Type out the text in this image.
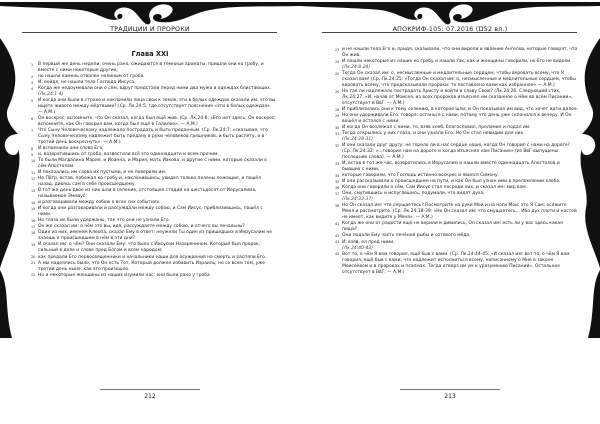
ТРАДИЦИИ И ПРОРОКИ
Глава XXI

1 В первый же день недели, очень рано, ожидаются в темнице ароматы, пришли они ко гробу, и вместе с ними некоторые другие;

2 но нашли камень отвален нелиным от гроба.

3 И, войдя, не нашли тела Господа Иисуса.

4 Когда же недоумевали они о сём, вдруг предстали перед ними два мужа в одеждах блистающих.

(Лк.24:1-4)

5 И когда они были в страхе и наклонили лица свои к земле, эти в белых одеждах сказали им: что вы ищете живого между мёртвыми? (Ср. Лк.24:5, где отсутствует пояснение «эти в белых одеждах». — А.М.)

6 Он воскрес; вспомните, что Он сказал, когда был ещё жив. (Ср. Лк.24:6: «Его нет здесь: Он воскрес; вспомните, как Он говорил вам, когда был ещё в Галилее». — А.М.)

7 Что Сыну Человеческому надлежало пострадать и быть преданным. (Ср. Лк.24:7: «сказывая, что Сыну Человеческому надлежит быть предану в руки человеков грешников, и быть распяту, и в третий день воскреснуть». — А.М.)

8 И вспомнили они слова Его;

9 и, возвратившись от гроба, возвестили всё это одиннадцати и всем прочим.

10 То были Магдалина Мария, и Иоанна, и Мария, мать Иакова, и другие с ними, которые сказали о сём Апостолам.

11 И показались им слова их пустыми, и не поверили им.

12 Но Пётр, встав, побежал ко гробу и, наклонившись, увидел только пелены лежащие, и пошёл назад, дивясь сам в себе происшедшему.

13 В тот же день двое из них шли в селение, отстоящее стадий на шестьдесят от Иерусалима, называемое Эммаус;

14 и разговаривали между собою о всех сих событиях.

15 И когда они разговаривали и рассуждали между собою, и Сам Иисус, приблизившись, пошёл с ними.

16 Но глаза их были удержаны, так что они не узнали Его.

17 Он же сказал им: о чём это вы, идя, рассуждаете между собою, и отчего вы печальны?

18 Один из них, именем Клеопа, сказал Ему в ответ: неужели Ты один из пришедших в Иерусалим не знаешь о происшедшем в нём в эти дни?

19 И сказал им: о чём? Они сказали Ему: что было с Иисусом Назарянином, Который был пророк, сильный в деле и слове пред Богом и всем народом;

20 как предали Его первосвященники и начальники наши для осуждения на смерть и распяли Его.

21 А мы надеялись было, что Он есть Тот, Который должен избавить Израиль; но со всем тем, уже третий день ныне, как это произошло.

22 Но и некоторые женщины из наших изумили нас: они были рано у гроба

212
АПОКРИФ-105: 07.2016 (Ώ52 вл.)

23 и не нашли тела Его и, придя, сказывали, что они видели и явление Ангелов, которые говорят, что Он жив.

24 И пошли некоторые из наших ко гробу и нашли так, как и женщины говорили, но Его не видели.

(Лк.24:8-24)

25 Тогда Он сказал им: о, несмысленные и медлительные сердцем, чтобы веровать всему, что Я сказал вам! (Ср. Лк.24:25: «Тогда Он сказал им: о, несмысленные и медлительные сердцем, чтобы веровать всему, что предсказывали пророки: то поставлено вами как избранное» — А.М.)

26 Не так ли надлежало пострадать Христу и войти в славу Свою? (Лк.24:26. Следующий стих, Лк.24:27, «И, начав от Моисея, из всех пророков изъяснял им сказанное о Нём во всём Писании», отсутствует в ВвГ. — А.М.)

28 И приблизились они к тому селению, в которое шли; и Он показывал им вид, что хочет идти далее.

29 Но они удерживали Его, говоря: останься с нами, потому что день уже склонился к вечеру. И Он вошёл и остался с ними.

30 И когда Он возлежал с ними, то, взяв хлеб, благословил, преломил и подал им.

31 Тогда открылись у них глаза, и они узнали Его. Но Он стал невидим для них.

(Лк.24:28-31)

32 И они сказали друг другу: не горело ли в нас сердце наше, когда Он говорил с нами на дороге? (Ср. Лк.24:32: «...говорил нам на дороге и когда изъяснял нам Писание» (из ВвГ выпущены последние слова). — А.М.)

33 И, встав в тот же час, возвратились в Иерусалим и нашли вместе одиннадцать Апостолов и бывших с ними,

34 которые говорили, что Господь истинно воскрес и явился Симону.

35 И они рассказывали о происшедшем на пути, и как Он был узнан ими в преломлении хлеба.

36 Когда они говорили о сём, Сам Иисус стал посреди них, и сказал им: мир вам.

37 Они, смутившись и испугавшись, подумали, что видят духа.

(Лк.24:33-37)

38 Но Он сказал им: что смущаетесь? Посмотрите на руки Мои и на ноги Мои: это Я Сам; осяжите Меня и рассмотрите. (Ср. Лк.24:38-39: «Но Он сказал им: что смущаетесь... Ибо дух плоти и костей не имеет, как видите у Меня». — А.М.)

41 Когда же они от радости ещё не верили и дивились, Он сказал им: есть ли у вас здесь какая пища?

42 Они подали Ему часть печёной рыбы и сотового мёда.

43 И, взяв, ел пред ними.

(Лк.24:40-43)

44 Вот то, о чём Я вам говорил, ещё быв с вами. (Ср. Лк.24:44-45: «И сказал им: вот то, о чём Я вам говорил, ещё быв с вами, что надлежит исполниться всему, написанному о Мне в законе Моисеевом и в пророках и псалмах. Тогда отверз им ум к уразумению Писаний». Остальное отсутствует в ВвГ. — А.М.)

213
